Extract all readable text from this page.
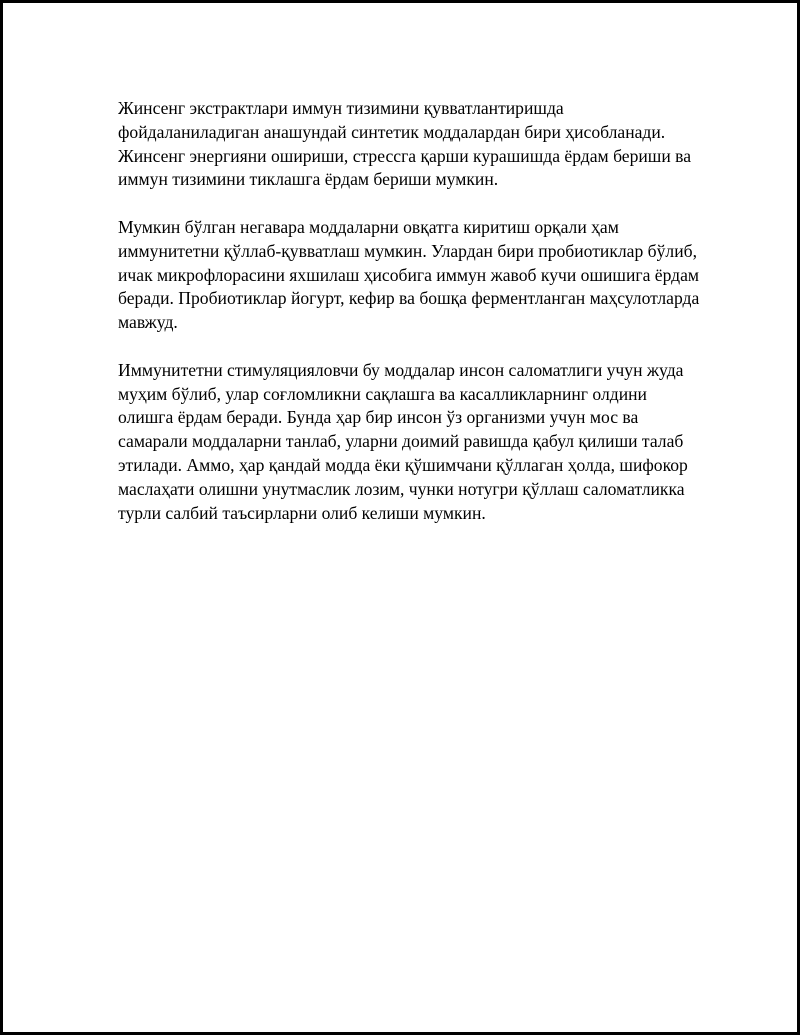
Жинсенг экстрактлари иммун тизимини қувватлантиришда фойдаланиладиган анашундай синтетик моддалардан бири ҳисобланади. Жинсенг энергияни ошириши, стрессга қарши курашишда ёрдам бериши ва иммун тизимини тиклашга ёрдам бериши мумкин.

Мумкин бўлган негавара моддаларни овқатга киритиш орқали ҳам иммунитетни қўллаб-қувватлаш мумкин. Улардан бири пробиотиклар бўлиб, ичак микрофлорасини яхшилаш ҳисобига иммун жавоб кучи ошишига ёрдам беради. Пробиотиклар йогурт, кефир ва бошқа ферментланган маҳсулотларда мавжуд.

Иммунитетни стимуляцияловчи бу моддалар инсон саломатлиги учун жуда муҳим бўлиб, улар соғломликни сақлашга ва касалликларнинг олдини олишга ёрдам беради. Бунда ҳар бир инсон ўз организми учун мос ва самарали моддаларни танлаб, уларни доимий равишда қабул қилиши талаб этилади. Аммо, ҳар қандай модда ёки қўшимчани қўллаган ҳолда, шифокор маслаҳати олишни унутмаслик лозим, чунки нотугри қўллаш саломатликка турли салбий таъсирларни олиб келиши мумкин.
